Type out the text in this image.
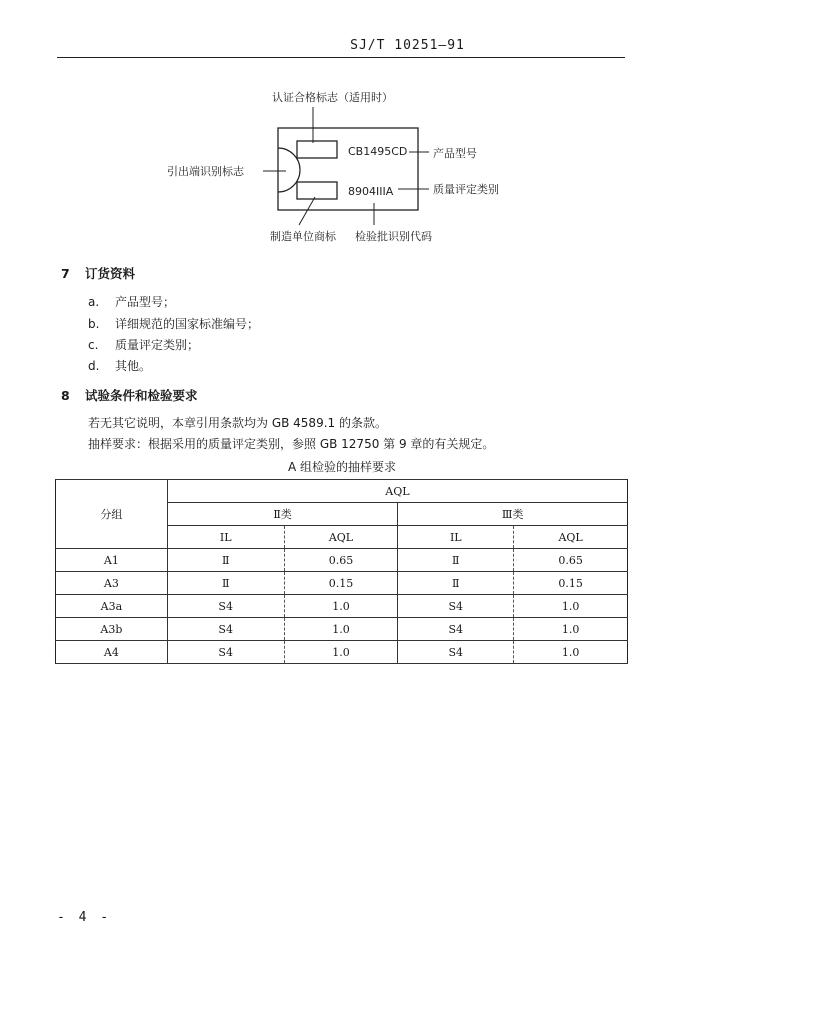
SJ/T 10251—91
认证合格标志（适用时）
CB1495CD
8904IIIA
产品型号
质量评定类别
引出端识别标志
制造单位商标 检验批识别代码
7 订货资料
a. 产品型号；
b. 详细规范的国家标准编号；
c. 质量评定类别；
d. 其他。
8 试验条件和检验要求
若无其它说明，本章引用条款均为 GB 4589.1 的条款。
抽样要求：根据采用的质量评定类别，参照 GB 12750 第 9 章的有关规定。
A 组检验的抽样要求
分组	AQL			
	Ⅱ类		Ⅲ类	
	IL	AQL	IL	AQL
A1	Ⅱ	0.65	Ⅱ	0.65
A3	Ⅱ	0.15	Ⅱ	0.15
A3a	S4	1.0	S4	1.0
A3b	S4	1.0	S4	1.0
A4	S4	1.0	S4	1.0
- 4 -
